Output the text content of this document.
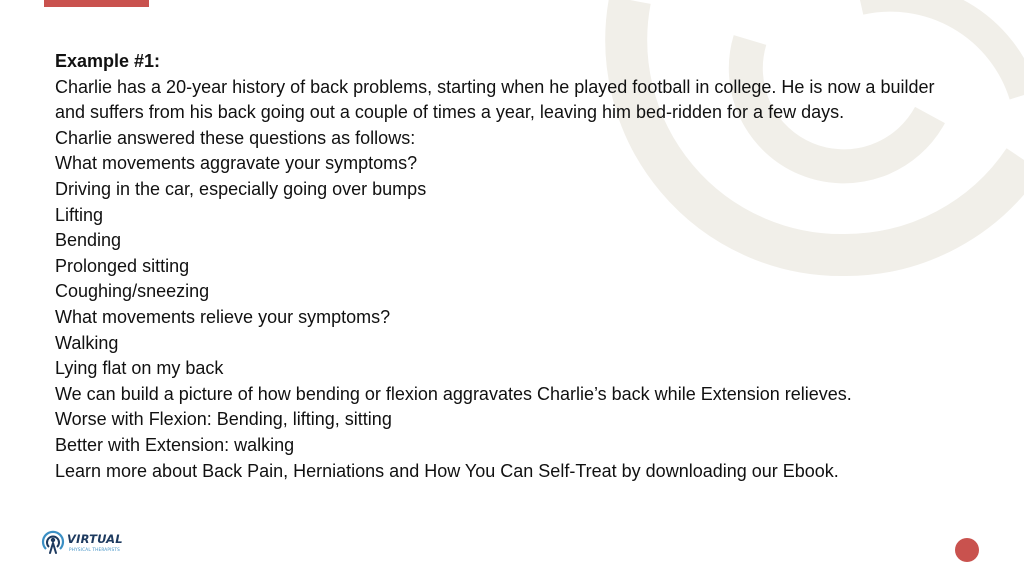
Example #1:

Charlie has a 20-year history of back problems, starting when he played football in college. He is now a builder and suffers from his back going out a couple of times a year, leaving him bed-ridden for a few days.

Charlie answered these questions as follows:

What movements aggravate your symptoms?

Driving in the car, especially going over bumps

Lifting

Bending

Prolonged sitting

Coughing/sneezing

What movements relieve your symptoms?

Walking

Lying flat on my back

We can build a picture of how bending or flexion aggravates Charlie’s back while Extension relieves.

Worse with Flexion: Bending, lifting, sitting

Better with Extension: walking

Learn more about Back Pain, Herniations and How You Can Self-Treat by downloading our Ebook.

VIRTUAL
PHYSICAL THERAPISTS
